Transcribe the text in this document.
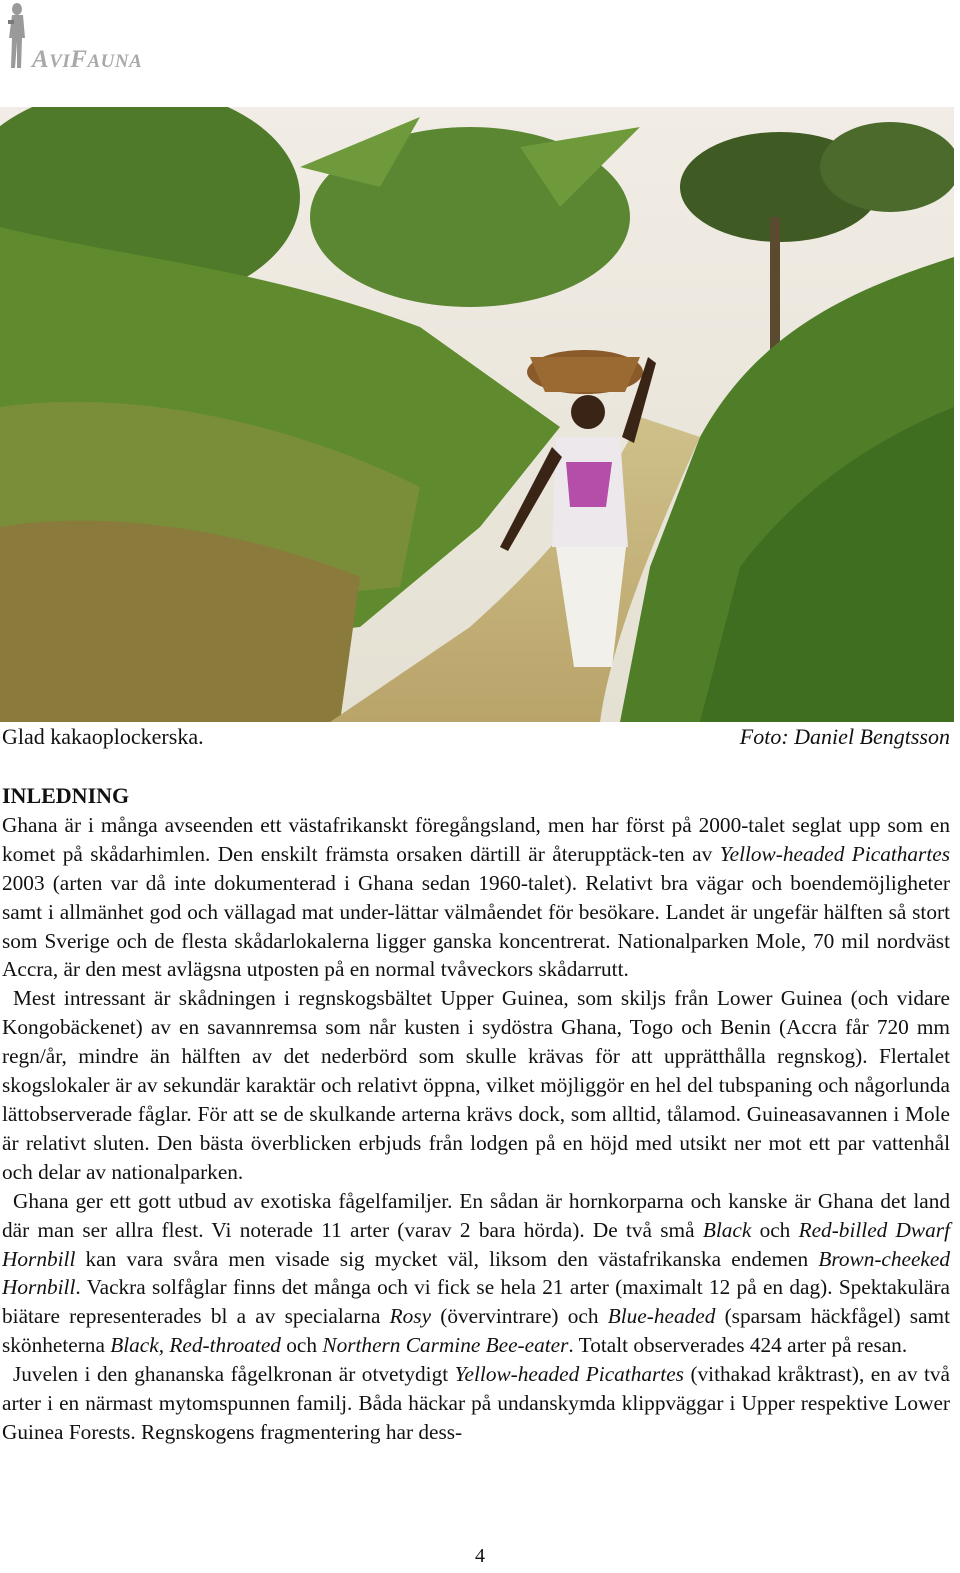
AVIFAUNA
Glad kakaoplockerska.	Foto: Daniel Bengtsson

INLEDNING

Ghana är i många avseenden ett västafrikanskt föregångsland, men har först på 2000-talet seglat upp som en komet på skådarhimlen. Den enskilt främsta orsaken därtill är återupptäck-ten av Yellow-headed Picathartes 2003 (arten var då inte dokumenterad i Ghana sedan 1960-talet). Relativt bra vägar och boendemöjligheter samt i allmänhet god och vällagad mat under-lättar välmåendet för besökare. Landet är ungefär hälften så stort som Sverige och de flesta skådarlokalerna ligger ganska koncentrerat. Nationalparken Mole, 70 mil nordväst Accra, är den mest avlägsna utposten på en normal tvåveckors skådarrutt.

Mest intressant är skådningen i regnskogsbältet Upper Guinea, som skiljs från Lower Guinea (och vidare Kongobäckenet) av en savannremsa som når kusten i sydöstra Ghana, Togo och Benin (Accra får 720 mm regn/år, mindre än hälften av det nederbörd som skulle krävas för att upprätthålla regnskog). Flertalet skogslokaler är av sekundär karaktär och relativt öppna, vilket möjliggör en hel del tubspaning och någorlunda lättobserverade fåglar. För att se de skulkande arterna krävs dock, som alltid, tålamod. Guineasavannen i Mole är relativt sluten. Den bästa överblicken erbjuds från lodgen på en höjd med utsikt ner mot ett par vattenhål och delar av nationalparken.

Ghana ger ett gott utbud av exotiska fågelfamiljer. En sådan är hornkorparna och kanske är Ghana det land där man ser allra flest. Vi noterade 11 arter (varav 2 bara hörda). De två små Black och Red-billed Dwarf Hornbill kan vara svåra men visade sig mycket väl, liksom den västafrikanska endemen Brown-cheeked Hornbill. Vackra solfåglar finns det många och vi fick se hela 21 arter (maximalt 12 på en dag). Spektakulära biätare representerades bl a av specialarna Rosy (övervintrare) och Blue-headed (sparsam häckfågel) samt skönheterna Black, Red-throated och Northern Carmine Bee-eater. Totalt observerades 424 arter på resan.

Juvelen i den ghananska fågelkronan är otvetydigt Yellow-headed Picathartes (vithakad kråktrast), en av två arter i en närmast mytomspunnen familj. Båda häckar på undanskymda klippväggar i Upper respektive Lower Guinea Forests. Regnskogens fragmentering har dess-

4
